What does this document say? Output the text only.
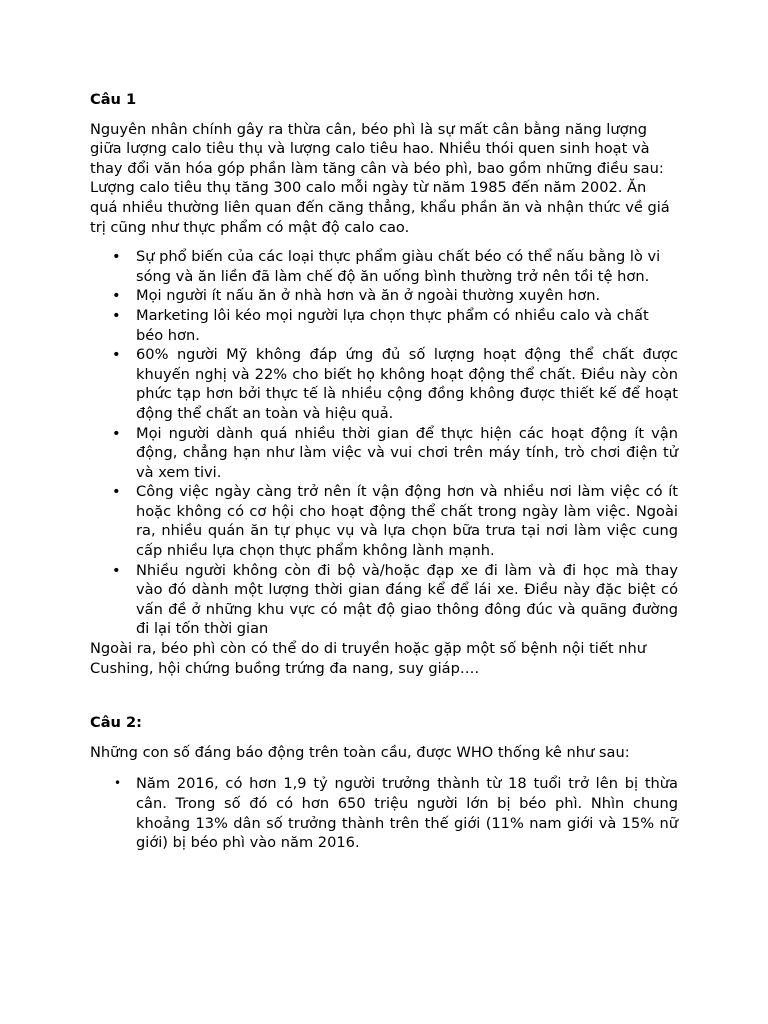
Câu 1

Nguyên nhân chính gây ra thừa cân, béo phì là sự mất cân bằng năng lượng giữa lượng calo tiêu thụ và lượng calo tiêu hao. Nhiều thói quen sinh hoạt và thay đổi văn hóa góp phần làm tăng cân và béo phì, bao gồm những điều sau: Lượng calo tiêu thụ tăng 300 calo mỗi ngày từ năm 1985 đến năm 2002. Ăn quá nhiều thường liên quan đến căng thẳng, khẩu phần ăn và nhận thức về giá trị cũng như thực phẩm có mật độ calo cao.

• Sự phổ biến của các loại thực phẩm giàu chất béo có thể nấu bằng lò vi sóng và ăn liền đã làm chế độ ăn uống bình thường trở nên tồi tệ hơn.
• Mọi người ít nấu ăn ở nhà hơn và ăn ở ngoài thường xuyên hơn.
• Marketing lôi kéo mọi người lựa chọn thực phẩm có nhiều calo và chất béo hơn.
• 60% người Mỹ không đáp ứng đủ số lượng hoạt động thể chất được khuyến nghị và 22% cho biết họ không hoạt động thể chất. Điều này còn phức tạp hơn bởi thực tế là nhiều cộng đồng không được thiết kế để hoạt động thể chất an toàn và hiệu quả.
• Mọi người dành quá nhiều thời gian để thực hiện các hoạt động ít vận động, chẳng hạn như làm việc và vui chơi trên máy tính, trò chơi điện tử và xem tivi.
• Công việc ngày càng trở nên ít vận động hơn và nhiều nơi làm việc có ít hoặc không có cơ hội cho hoạt động thể chất trong ngày làm việc. Ngoài ra, nhiều quán ăn tự phục vụ và lựa chọn bữa trưa tại nơi làm việc cung cấp nhiều lựa chọn thực phẩm không lành mạnh.
• Nhiều người không còn đi bộ và/hoặc đạp xe đi làm và đi học mà thay vào đó dành một lượng thời gian đáng kể để lái xe. Điều này đặc biệt có vấn đề ở những khu vực có mật độ giao thông đông đúc và quãng đường đi lại tốn thời gian

Ngoài ra, béo phì còn có thể do di truyền hoặc gặp một số bệnh nội tiết như Cushing, hội chứng buồng trứng đa nang, suy giáp….

Câu 2:

Những con số đáng báo động trên toàn cầu, được WHO thống kê như sau:

• Năm 2016, có hơn 1,9 tỷ người trưởng thành từ 18 tuổi trở lên bị thừa cân. Trong số đó có hơn 650 triệu người lớn bị béo phì. Nhìn chung khoảng 13% dân số trưởng thành trên thế giới (11% nam giới và 15% nữ giới) bị béo phì vào năm 2016.
